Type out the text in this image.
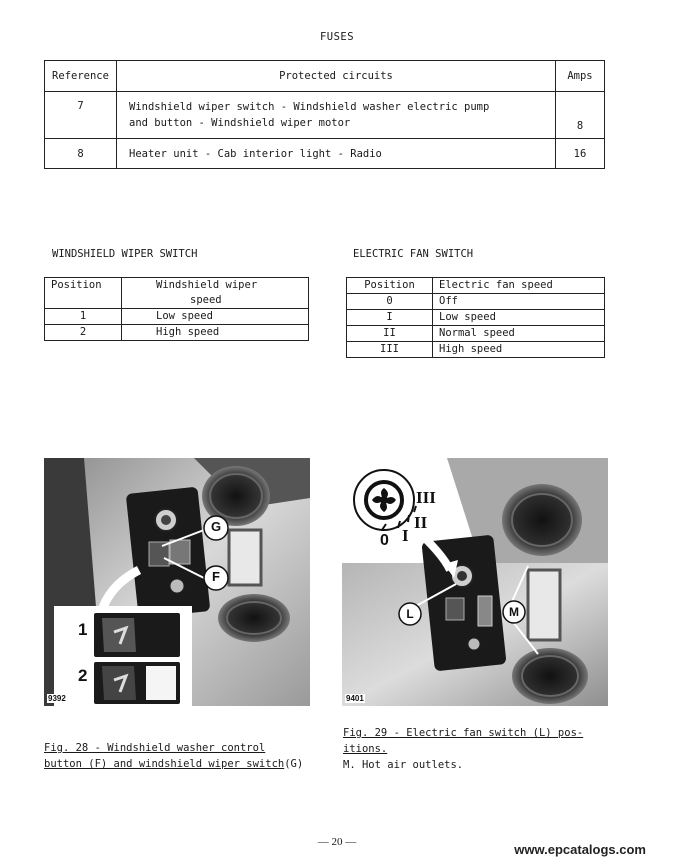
FUSES
Reference	Protected circuits	Amps
7	Windshield wiper switch - Windshield washer electric pump
and button - Windshield wiper motor	8
8	Heater unit - Cab interior light - Radio	16
WINDSHIELD WIPER SWITCH
Position	Windshield wiper
speed

1	Low speed
2	High speed
ELECTRIC FAN SWITCH
Position	Electric fan speed
0	Off
I	Low speed
II	Normal speed
III	High speed
G
F
1
2
9392
III
II
I
0
L	M
9401
Fig. 28 - Windshield washer control
button (F) and windshield wiper switch(G)
Fig. 29 - Electric fan switch (L) pos-
itions.
M. Hot air outlets.
— 20 —	www.epcatalogs.com
